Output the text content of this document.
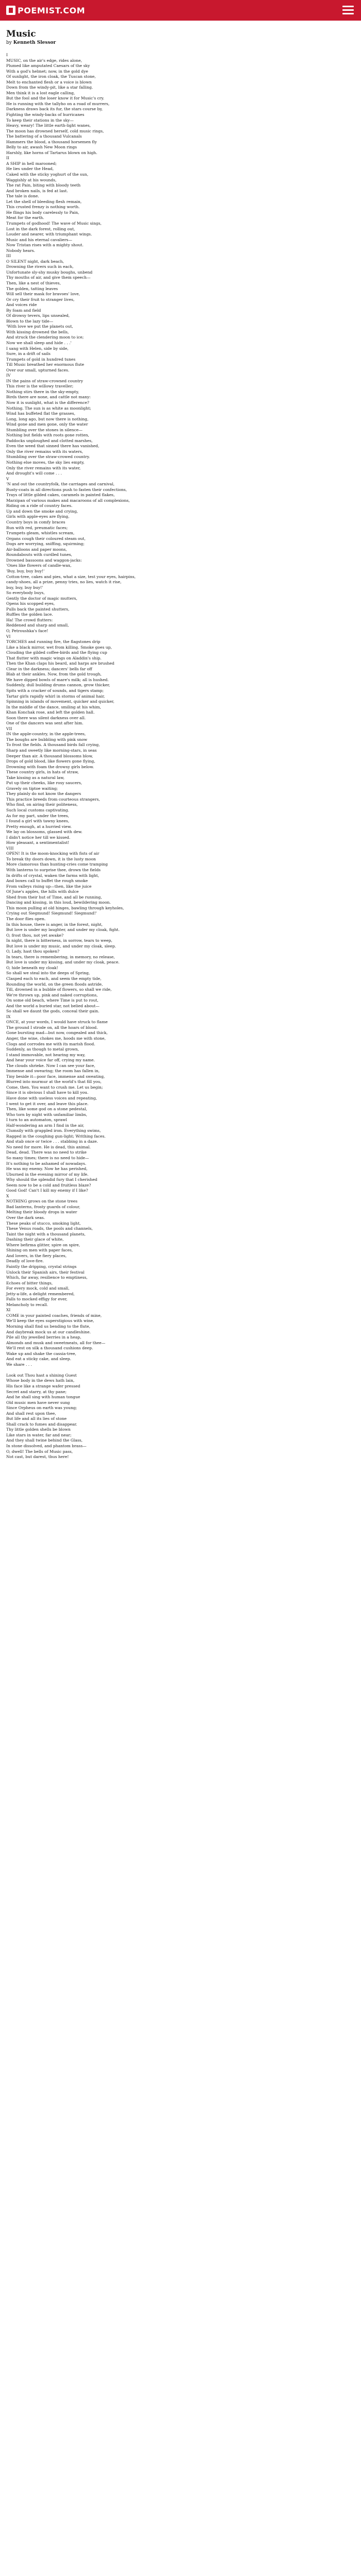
POEMIST.COM
Music
by Kenneth Slessor
I
MUSIC, on the air's edge, rides alone,
Plumed like amputated Caesars of the sky
With a god's helmet; now, in the gold dye
Of sunlight, the iron cloak, the Tuscan stone,
Melt to enchanted flesh or a voice is blown
Down from the windy-pit, like a star falling.
Men think it is a lost eagle calling,
But the fool and the loser know it for Music's cry.
He is running with the tallyho on a road of murrers,
Darkness draws back its fur, the stars course by,
Fighting the windy-backs of hurricanes
To keep their stations in the sky—
Heavy, weary! The little earth-light wanes,
The moon has drowned herself, cold music rings,
The battering of a thousand Vulcanals
Hammers the blood, a thousand horsemen fly
Belly to air, awash New Moon rings
Harshly, like horns of Tartarus blown on high.
II
A SHIP in hell marooned;
He lies under the Head,
Caked with the sticky yoghurt of the sun,
Waggishly at his wounds,
The rat Pain, biting with bloody teeth
And broken nails, is fed at last.
The tale is done.
Let the shell of bleeding flesh remain,
This crusted frenzy is nothing worth.
He flings his body carelessly to Pain,
Meat for the earth.
Trumpets of godhood! The wave of Music sings,
Lost in the dark forest, rolling out,
Louder and nearer, with triumphant wings.
Music and his eternal cavaliers—
Now Tristan rises with a mighty shout.
Nobody hears.
III
O SILENT night, dark beach,
Drowning the rivers such in each,
Unfortunate sly-shy musky boughs, unbend
Thy mouths of air, and give them speech—
Then, like a nest of thieves,
The golden, tatting leaves
Will sell their mask for bravoes' love,
Or cry their fruit to stranger lives,
And voices ride
By foam and field
Of drowsy tevers, lips unsealed,
Blown to the lazy tide—
'With love we put the planets out,
With kissing drowned the bells,
And struck the clendering moon to ice;
Now we shall sleep and hide . . .'
I sang with Helen, side by side,
Sure, in a drift of sails
Trumpets of gold in hundred tunes
Till Music breathed her enormous flute
Over our small, upturned faces.
IV
IN the pains of straw-crowned country
This river is the willowy traveller;
Nothing stirs there in the sky-empty,
Birds there are none, and cattle not many:
Now it is sunlight, what is the difference?
Nothing. The sun is as white as moonlight;
Wind has buffeted flat the grasses,
Long, long ago, but now there is nothing,
Wind gone and men gone, only the water
Stumbling over the stones in silence—
Nothing but fields with roots gone rotten,
Paddocks unploughed and clotted marshes,
Even the weed that sinned there has vanished,
Only the river remains with its waters,
Stumbling over the straw-crowed country.
Nothing else moves, the sky lies empty,
Only the river remains with its water,
And drought's will come . . .
V
'N and out the countryfolk, the carriages and carnival,
Rusty-coats in all directions push to fasten their confections,
Trays of little gilded cakes, caramels in painted flakes,
Marzipan of various makes and macaroons of all complexions,
Riding on a ride of country faces.
Up and down the smoke and crying,
Girls with apple-eyes are flying,
Country boys in comfy braces
Run with red, preumatic faces;
Trumpets gleam, whistles scream,
Organs cough their coloured steam out,
Dogs are worrying, sniffing, squirming;
Air-balloons and paper moons,
Roundabouts with curdled tunes,
Drowned bassoons and waggon-jacks:
'Ones like flowers of candle-wax,
'Buy, buy, buy buy!'
Cotton-tree, cakes and pies, what a size, test your eyes, hairpins,
candy-shoes, all a prize, penny tries, no lies, watch it rise,
buy, buy, buy buy!'
So everybody buys,
Gently the doctor of magic mutters,
Opens his scopped eyes,
Pulls back the painted shutters,
Ruffles the golden lace.
Ha! The crowd flutters:
Reddened and sharp and small,
O, Petroushka's face!
VI
TORCHES and running fire, the flagstones drip
Like a black mirror, wet from killing. Smoke goes up,
Clouding the gilded coffee-birds and the flying cup
That flutter with magic wings on Aladdin's ship.
Then the Khan claps his beard, and harps are brushed
Clear in the darkness; dancers' bells far off
Blab at their ankles. Now, from the gold trough,
We have dipped bowls of mare's milk; all is hushed.
Suddenly, dull building drums cannon, grow thicker,
Spits with a cracker of sounds, and tigers stamp;
Tartar girls rapidly whirl in storms of animal hair,
Spinning in islands of movement, quicker and quicker,
In the middle of the dance, smiling at his whim,
Khan Konchak rose, and left the golden hall.
Soon there was silent darkness over all.
One of the dancers was sent after him.
VII
IN the apple-country, in the apple-trees,
The boughs are bubbling with pink snow
To frost the fields. A thousand birds fall crying,
Sharp and sweetly like morning-stars, in seas
Deeper than air. A thousand blossoms blow,
Drops of gold blood, like flowers gone flying,
Drowning with foam the drowsy girls below.
These country girls, in hats of straw,
Take kissing as a natural law,
Put up their cheeks, like rosy saucers,
Gravely on tiptoe waiting;
They plainly do not know the dangers
This practice breeds from courteous strangers,
Who find, on airing their politeness,
Such local customs captivating.
As for my part, under the trees,
I found a girl with tawny knees,
Pretty enough, at a hurried view.
We lay on blossoms, glassed with dew.
I didn't notice her till we kissed.
How pleasant, a sentimentalist!
VIII
OPEN! It is the moon-knocking with fists of air
To break thy doors down, it is the lusty moon
More clamorous than hunting-cries come tramping
With lanterns to surprise thee, drown the fields
In drifts of crystal, waken the farms with light,
And boxes call to buffet the rough smoke
From valleys rising up—then, like the juice
Of June's apples, the hills with dulce
Shed from their hut of Time, and all be running,
Dancing and kissing, in this loud, bewildering moon.
This moon pulling at old hinges, bawling through keyholes,
Crying out Siegmund! Siegmund! Siegmund!'
The door flies open.
In this house, there is anger, in the forest, night,
But love is under my laughter, and under my cloak, fight.
O, frost thou, not yet awake?
In night, there is bitterness, in sorrow, tears to weep,
But love is under my music, and under my cloak, sleep.
O, Lady, hast thou spoken?
In tears, there is remembering, in memory, no release,
But love is under my kissing, and under my cloak, peace.
O, hide beneath my cloak!
So shall we steal into the deeps of Spring,
Clasped each to each, and seem the empty tide,
Rounding the world, on the green floods astride,
Till, drowned in a bubble of flowers, so shall we ride,
We're thrown up, pink and naked corruptions,
On some old beach, where Time is put to rout,
And the world a buried star, not belied about—
So shall we daunt the gods, conceal their gain.
IX
ONCE, at your words, I would have struck to flame
The ground I strode on, all the hoars of blood.
Gone bursting mad—but now, congealed and thick,
Anger, the wine, chokes me, hoods me with stone,
Clogs and corrodes me with its marish flood.
Suddenly, as though to metal grown,
I stand immovable, not hearing my way,
And hear your voice far off, crying my name.
The clouds shrieke. Now I can see your face,
Immense and swearing; the room has fallen in,
Tiny beside it—poor face, immense and sweating,
Blurred into murmur at the world's that fill you,
Come, then. You want to crush me. Let us begin;
Since it is obvious I shall have to kill you.
Have done with useless voices and repeating,
I went to get it over, and leave this place.
Then, like some god on a stone pedestal,
Who torn by night with unfamiliar limbs,
I turn to an automaton, sprawl
Half-wondering an arm I find in the air,
Clumsily with grappled iron. Everything swims,
Ragged in the coughing gun-light; Writhing faces.
And stab once or twice . . . stabbing in a daze.
No need for more. He is dead, this animal.
Dead, dead. There was no need to strike
So many times; there is no need to hide—
It's nothing to be ashamed of nowadays.
He was my enemy. Now he has perished,
Uburned in the evening mirror of my life.
Why should the splendid fury that I cherished
Seem now to be a cold and fruitless blaze?
Good God! Can't I kill my enemy if I like?
X
NOTHING grows on the stone trees
Bad lanterns, frosty guards of colour,
Melting their bloody drops in water
Over the dark seas.
These peaks of stucco, smoking light,
These Venus roads, the pools and channels,
Taint the night with a thousand planets,
Dashing their glace of white,
Where befirma glitter, spire on spire,
Shining on men with paper faces,
And lovers, in the fiery places,
Deadly of love-fire.
Faintly the dripping, crystal strings
Unlock their Spanish airs, their festival
Which, far away, resilience to emptiness,
Echoes of bitter things,
For every mock, cold and small,
Jetty-a-life, a delight remembered,
Falls to mocked effigy for ever,
Melancholy to recall.
XI
COME in your painted coaches, friends of mine,
We'll keep the eyes superstigious with wine,
Morning shall find us bending to the flute,
And daybreak mock us at our candleshine.
Pile all thy jewelled berries in a heap,
Almonds and musk and sweetmeats, all for thee—
We'll rest on silk a thousand cushions deep.
Wake up and shake the cassia-tree,
And eat a sticky cake, and sleep.
We share . . .

Look out Thou hast a shining Guest
Whose body in the dews hath lain,
His face like a strange wafer pressed
Secret and starry, at thy pane;
And he shall sing with human tongue
Old music men have never sung
Since Orpheus on earth was young;
And shall rest upon thee,
But life and all its lies of stone
Shall crack to fumes and disappear.
Thy little golden shells be blown
Like stars in water, far and near;
And they shall twine behind the Glass,
In stone dissolved, and phantom brass—
O, dwell! The bells of Music pass,
Not cast, but darest, thus here!
